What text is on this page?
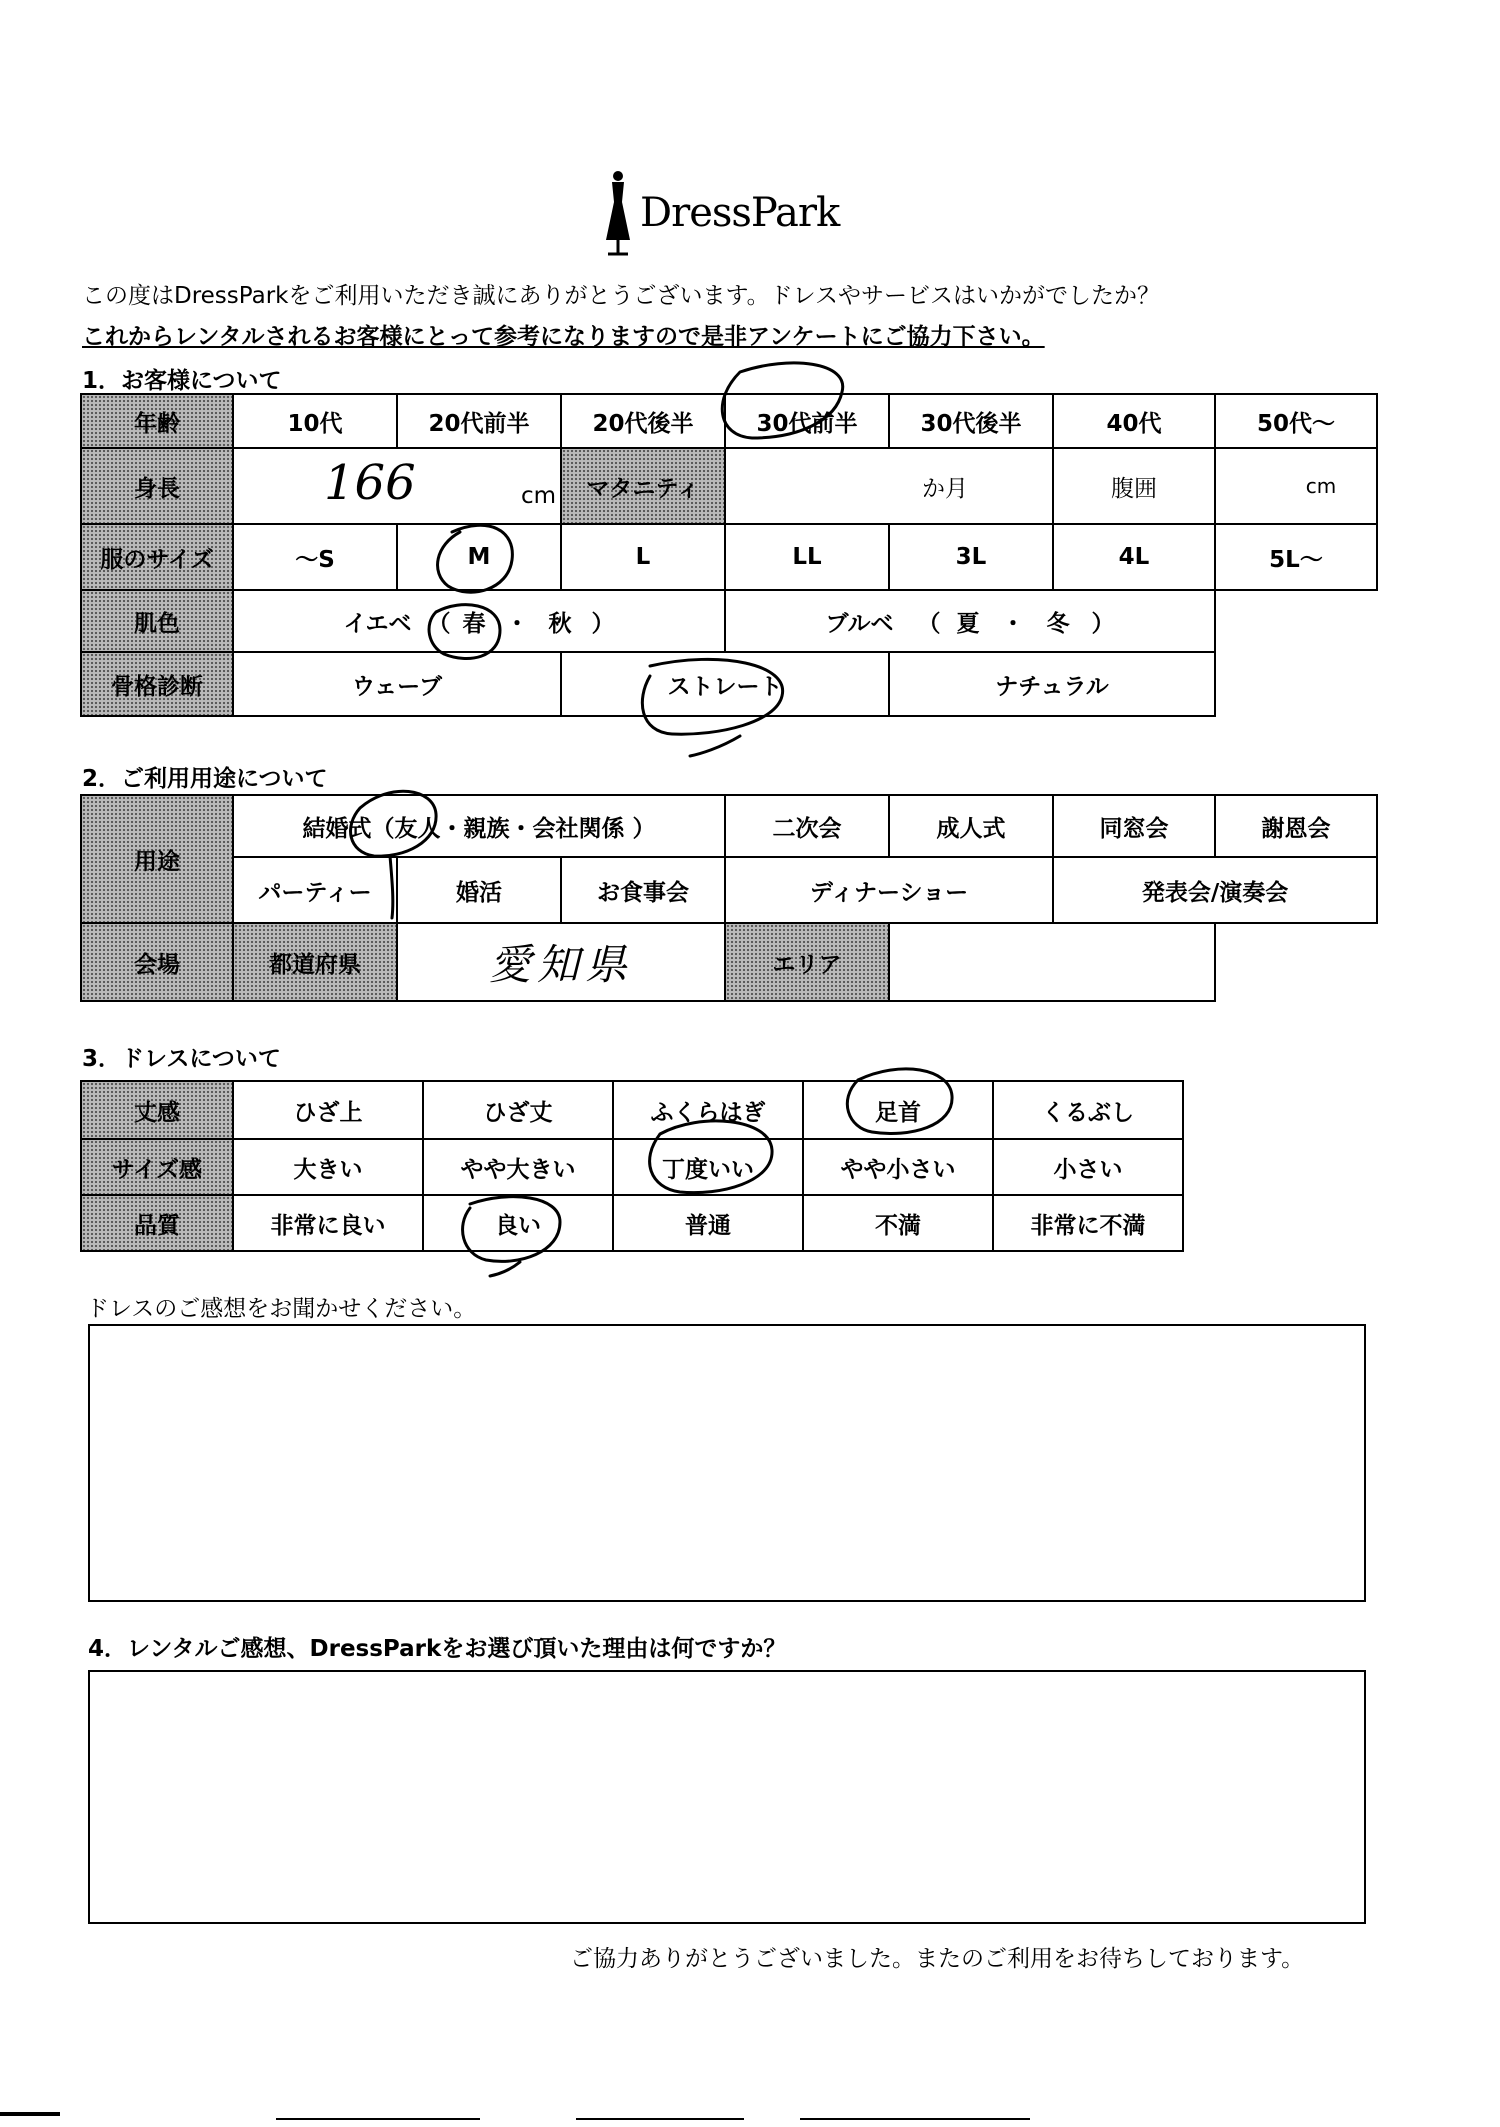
DressPark
この度はDressParkをご利用いただき誠にありがとうございます。ドレスやサービスはいかがでしたか？
これからレンタルされるお客様にとって参考になりますので是非アンケートにご協力下さい。
1．お客様について
年齢	10代	20代前半	20代後半	30代前半	30代後半	40代	50代～
身長	166 cm		マタニティ	か月		腹囲	cm
服のサイズ	～S	M	L	LL	3L	4L	5L～
肌色	イエベ （ 春 ・ 秋 ）			ブルベ （ 夏 ・ 冬 ）			
骨格診断	ウェーブ		ストレート		ナチュラル		
2．ご利用用途について
用途	結婚式（友人・親族・会社関係 ）			二次会	成人式	同窓会	謝恩会
	パーティー	婚活	お食事会	ディナーショー		発表会/演奏会	
会場	都道府県	愛知県		エリア			
3．ドレスについて
丈感	ひざ上	ひざ丈	ふくらはぎ	足首	くるぶし
サイズ感	大きい	やや大きい	丁度いい	やや小さい	小さい
品質	非常に良い	良い	普通	不満	非常に不満
ドレスのご感想をお聞かせください。
4．レンタルご感想、DressParkをお選び頂いた理由は何ですか？
ご協力ありがとうございました。またのご利用をお待ちしております。
